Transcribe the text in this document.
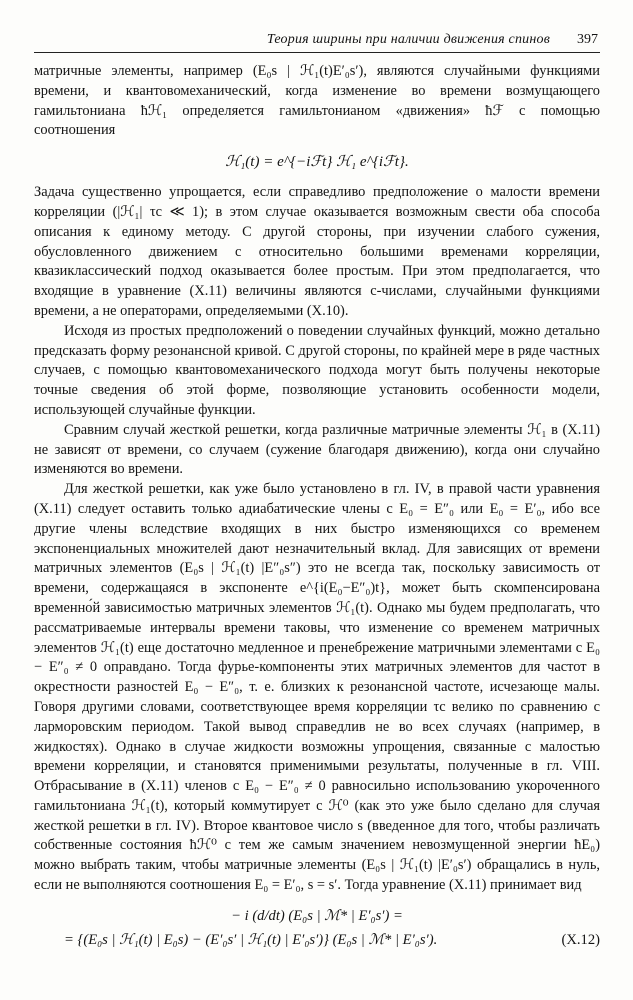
Теория ширины при наличии движения спинов 397

матричные элементы, например (E₀s | ℋ₁(t)E′₀s′), являются случайными функциями времени, и квантовомеханический, когда изменение во времени возмущающего гамильтониана ħℋ₁ определяется гамильтонианом «движения» ħℱ с помощью соотношения

ℋ₁(t) = e^{−iℱt} ℋ₁ e^{iℱt}.

Задача существенно упрощается, если справедливо предположение о малости времени корреляции (|ℋ₁| τc ≪ 1); в этом случае оказывается возможным свести оба способа описания к единому методу. С другой стороны, при изучении слабого сужения, обусловленного движением с относительно большими временами корреляции, квазиклассический подход оказывается более простым. При этом предполагается, что входящие в уравнение (X.11) величины являются c-числами, случайными функциями времени, а не операторами, определяемыми (X.10).

Исходя из простых предположений о поведении случайных функций, можно детально предсказать форму резонансной кривой. С другой стороны, по крайней мере в ряде частных случаев, с помощью квантовомеханического подхода могут быть получены некоторые точные сведения об этой форме, позволяющие установить особенности модели, использующей случайные функции.

Сравним случай жесткой решетки, когда различные матричные элементы ℋ₁ в (X.11) не зависят от времени, со случаем (сужение благодаря движению), когда они случайно изменяются во времени.

Для жесткой решетки, как уже было установлено в гл. IV, в правой части уравнения (X.11) следует оставить только адиабатические члены с E₀ = E″₀ или E₀ = E′₀, ибо все другие члены вследствие входящих в них быстро изменяющихся со временем экспоненциальных множителей дают незначительный вклад. Для зависящих от времени матричных элементов (E₀s | ℋ₁(t) |E″₀s″) это не всегда так, поскольку зависимость от времени, содержащаяся в экспоненте e^{i(E₀−E″₀)t}, может быть скомпенсирована временно́й зависимостью матричных элементов ℋ₁(t). Однако мы будем предполагать, что рассматриваемые интервалы времени таковы, что изменение со временем матричных элементов ℋ₁(t) еще достаточно медленное и пренебрежение матричными элементами с E₀ − E″₀ ≠ 0 оправдано. Тогда фурье-компоненты этих матричных элементов для частот в окрестности разностей E₀ − E″₀, т. е. близких к резонансной частоте, исчезающе малы. Говоря другими словами, соответствующее время корреляции τc велико по сравнению с ларморовским периодом. Такой вывод справедлив не во всех случаях (например, в жидкостях). Однако в случае жидкости возможны упрощения, связанные с малостью времени корреляции, и становятся применимыми результаты, полученные в гл. VIII. Отбрасывание в (X.11) членов с E₀ − E″₀ ≠ 0 равносильно использованию укороченного гамильтониана ℋ₁(t), который коммутирует с ℋ⁰ (как это уже было сделано для случая жесткой решетки в гл. IV). Второе квантовое число s (введенное для того, чтобы различать собственные состояния ħℋ⁰ с тем же самым значением невозмущенной энергии ħE₀) можно выбрать таким, чтобы матричные элементы (E₀s | ℋ₁(t) |E′₀s′) обращались в нуль, если не выполняются соотношения E₀ = E′₀, s = s′. Тогда уравнение (X.11) принимает вид

− i (d/dt) (E₀s | ℳ* | E′₀s′) =
= {(E₀s | ℋ₁(t) | E₀s) − (E′₀s′ | ℋ₁(t) | E′₀s′)} (E₀s | ℳ* | E′₀s′).	(X.12)
